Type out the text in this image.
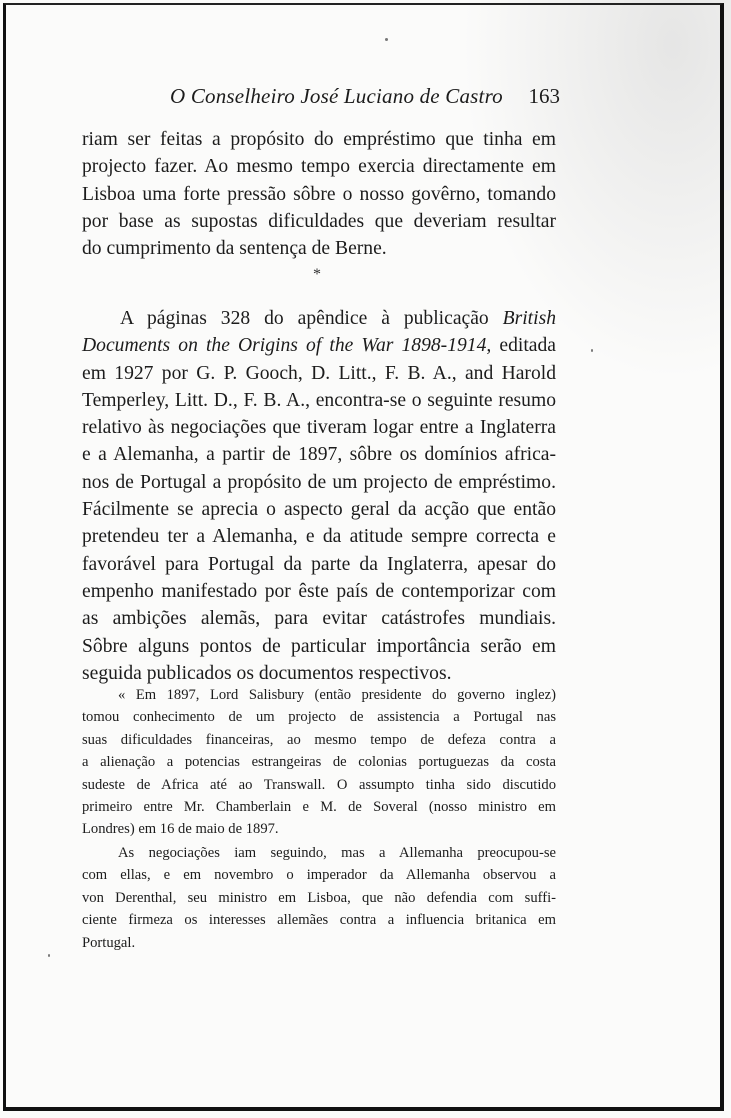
O Conselheiro José Luciano de Castro 163
riam ser feitas a propósito do empréstimo que tinha em
projecto fazer. Ao mesmo tempo exercia directamente em
Lisboa uma forte pressão sôbre o nosso govêrno, tomando
por base as supostas dificuldades que deveriam resultar
do cumprimento da sentença de Berne.
*
A páginas 328 do apêndice à publicação British
Documents on the Origins of the War 1898-1914, editada
em 1927 por G. P. Gooch, D. Litt., F. B. A., and Harold
Temperley, Litt. D., F. B. A., encontra-se o seguinte resumo
relativo às negociações que tiveram logar entre a Inglaterra
e a Alemanha, a partir de 1897, sôbre os domínios africa-
nos de Portugal a propósito de um projecto de empréstimo.
Fácilmente se aprecia o aspecto geral da acção que então
pretendeu ter a Alemanha, e da atitude sempre correcta e
favorável para Portugal da parte da Inglaterra, apesar do
empenho manifestado por êste país de contemporizar com
as ambições alemãs, para evitar catástrofes mundiais.
Sôbre alguns pontos de particular importância serão em
seguida publicados os documentos respectivos.
« Em 1897, Lord Salisbury (então presidente do governo inglez)
tomou conhecimento de um projecto de assistencia a Portugal nas
suas dificuldades financeiras, ao mesmo tempo de defeza contra a
a alienação a potencias estrangeiras de colonias portuguezas da costa
sudeste de Africa até ao Transwall. O assumpto tinha sido discutido
primeiro entre Mr. Chamberlain e M. de Soveral (nosso ministro em
Londres) em 16 de maio de 1897.
As negociações iam seguindo, mas a Allemanha preocupou-se
com ellas, e em novembro o imperador da Allemanha observou a
von Derenthal, seu ministro em Lisboa, que não defendia com suffi-
ciente firmeza os interesses allemães contra a influencia britanica em
Portugal.
